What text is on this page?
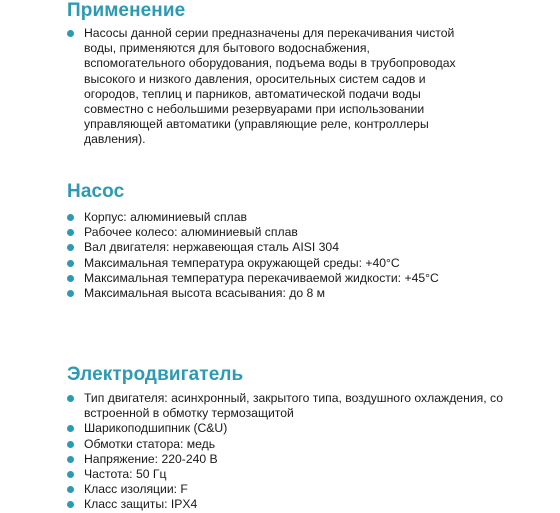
Применение
Насосы данной серии предназначены для перекачивания чистой воды, применяются для бытового водоснабжения, вспомогательного оборудования, подъема воды в трубопроводах высокого и низкого давления, оросительных систем садов и огородов, теплиц и парников, автоматической подачи воды совместно с небольшими резервуарами при использовании управляющей автоматики (управляющие реле, контроллеры давления).
Насос
Корпус: алюминиевый сплав
Рабочее колесо: алюминиевый сплав
Вал двигателя: нержавеющая сталь AISI 304
Максимальная температура окружающей среды: +40°C
Максимальная температура перекачиваемой жидкости: +45°C
Максимальная высота всасывания: до 8 м
Электродвигатель
Тип двигателя: асинхронный, закрытого типа, воздушного охлаждения, со встроенной в обмотку термозащитой
Шарикоподшипник (C&U)
Обмотки статора: медь
Напряжение: 220-240 В
Частота: 50 Гц
Класс изоляции: F
Класс защиты: IPX4
